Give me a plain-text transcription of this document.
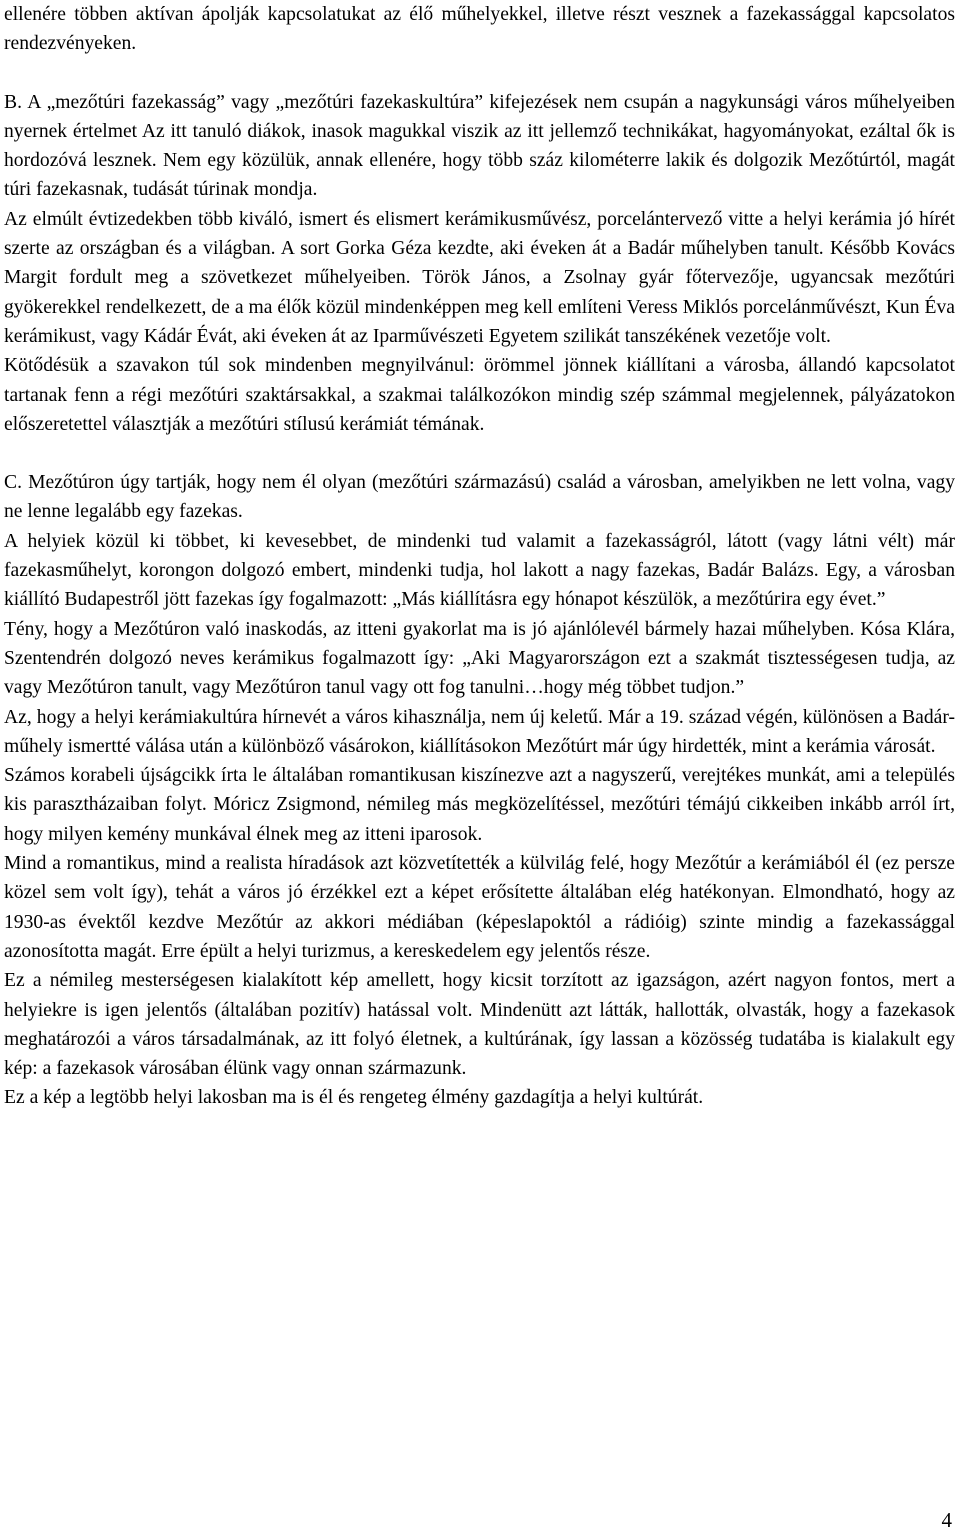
ellenére többen aktívan ápolják kapcsolatukat az élő műhelyekkel, illetve részt vesznek a fazekassággal kapcsolatos rendezvényeken.

B. A „mezőtúri fazekasság” vagy „mezőtúri fazekaskultúra” kifejezések nem csupán a nagykunsági város műhelyeiben nyernek értelmet Az itt tanuló diákok, inasok magukkal viszik az itt jellemző technikákat, hagyományokat, ezáltal ők is hordozóvá lesznek. Nem egy közülük, annak ellenére, hogy több száz kilométerre lakik és dolgozik Mezőtúrtól, magát túri fazekasnak, tudását túrinak mondja.

Az elmúlt évtizedekben több kiváló, ismert és elismert kerámikusművész, porcelántervező vitte a helyi kerámia jó hírét szerte az országban és a világban. A sort Gorka Géza kezdte, aki éveken át a Badár műhelyben tanult. Később Kovács Margit fordult meg a szövetkezet műhelyeiben. Török János, a Zsolnay gyár főtervezője, ugyancsak mezőtúri gyökerekkel rendelkezett, de a ma élők közül mindenképpen meg kell említeni Veress Miklós porcelánművészt, Kun Éva kerámikust, vagy Kádár Évát, aki éveken át az Iparművészeti Egyetem szilikát tanszékének vezetője volt.

Kötődésük a szavakon túl sok mindenben megnyilvánul: örömmel jönnek kiállítani a városba, állandó kapcsolatot tartanak fenn a régi mezőtúri szaktársakkal, a szakmai találkozókon mindig szép számmal megjelennek, pályázatokon előszeretettel választják a mezőtúri stílusú kerámiát témának.

C. Mezőtúron úgy tartják, hogy nem él olyan (mezőtúri származású) család a városban, amelyikben ne lett volna, vagy ne lenne legalább egy fazekas.

A helyiek közül ki többet, ki kevesebbet, de mindenki tud valamit a fazekasságról, látott (vagy látni vélt) már fazekasműhelyt, korongon dolgozó embert, mindenki tudja, hol lakott a nagy fazekas, Badár Balázs. Egy, a városban kiállító Budapestről jött fazekas így fogalmazott: „Más kiállításra egy hónapot készülök, a mezőtúrira egy évet.”

Tény, hogy a Mezőtúron való inaskodás, az itteni gyakorlat ma is jó ajánlólevél bármely hazai műhelyben. Kósa Klára, Szentendrén dolgozó neves kerámikus fogalmazott így: „Aki Magyarországon ezt a szakmát tisztességesen tudja, az vagy Mezőtúron tanult, vagy Mezőtúron tanul vagy ott fog tanulni…hogy még többet tudjon.”

Az, hogy a helyi kerámiakultúra hírnevét a város kihasználja, nem új keletű. Már a 19. század végén, különösen a Badár-műhely ismertté válása után a különböző vásárokon, kiállításokon Mezőtúrt már úgy hirdették, mint a kerámia városát.

Számos korabeli újságcikk írta le általában romantikusan kiszínezve azt a nagyszerű, verejtékes munkát, ami a település kis parasztházaiban folyt. Móricz Zsigmond, némileg más megközelítéssel, mezőtúri témájú cikkeiben inkább arról írt, hogy milyen kemény munkával élnek meg az itteni iparosok.

Mind a romantikus, mind a realista híradások azt közvetítették a külvilág felé, hogy Mezőtúr a kerámiából él (ez persze közel sem volt így), tehát a város jó érzékkel ezt a képet erősítette általában elég hatékonyan. Elmondható, hogy az 1930-as évektől kezdve Mezőtúr az akkori médiában (képeslapoktól a rádióig) szinte mindig a fazekassággal azonosította magát. Erre épült a helyi turizmus, a kereskedelem egy jelentős része.

Ez a némileg mesterségesen kialakított kép amellett, hogy kicsit torzított az igazságon, azért nagyon fontos, mert a helyiekre is igen jelentős (általában pozitív) hatással volt. Mindenütt azt látták, hallották, olvasták, hogy a fazekasok meghatározói a város társadalmának, az itt folyó életnek, a kultúrának, így lassan a közösség tudatába is kialakult egy kép: a fazekasok városában élünk vagy onnan származunk.

Ez a kép a legtöbb helyi lakosban ma is él és rengeteg élmény gazdagítja a helyi kultúrát.

4
